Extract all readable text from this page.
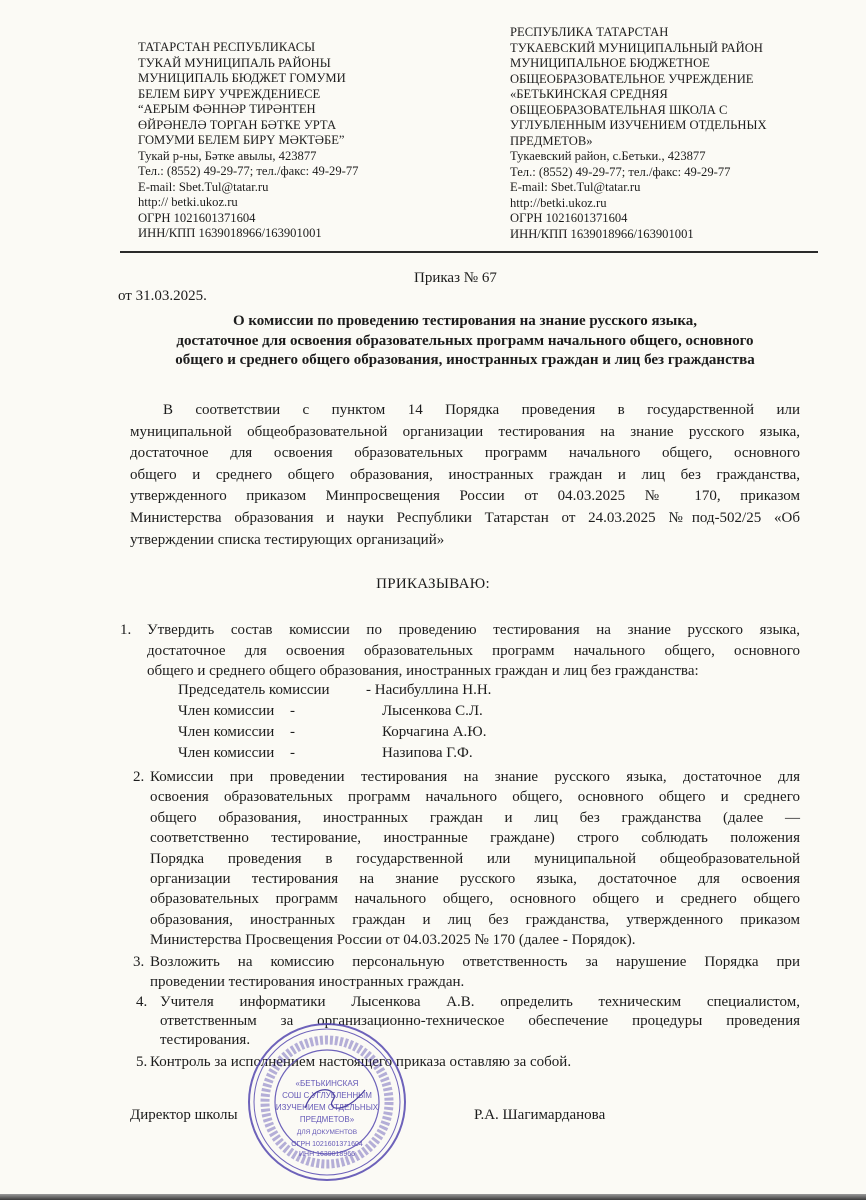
ТАТАРСТАН РЕСПУБЛИКАСЫ
ТУКАЙ МУНИЦИПАЛЬ РАЙОНЫ
МУНИЦИПАЛЬ БЮДЖЕТ ГОМУМИ
БЕЛЕМ БИРҮ УЧРЕЖДЕНИЕСЕ
“АЕРЫМ ФӘННӘР ТИРӘНТЕН
ӨЙРӘНЕЛӘ ТОРГАН БӘТКЕ УРТА
ГОМУМИ БЕЛЕМ БИРҮ МӘКТӘБЕ”
Тукай р-ны, Бәтке авылы, 423877
Тел.: (8552) 49-29-77; тел./факс: 49-29-77
E-mail: Sbet.Tul@tatar.ru
http:// betki.ukoz.ru
ОГРН 1021601371604
ИНН/КПП 1639018966/163901001
РЕСПУБЛИКА ТАТАРСТАН
ТУКАЕВСКИЙ МУНИЦИПАЛЬНЫЙ РАЙОН
МУНИЦИПАЛЬНОЕ БЮДЖЕТНОЕ
ОБЩЕОБРАЗОВАТЕЛЬНОЕ УЧРЕЖДЕНИЕ
«БЕТЬКИНСКАЯ СРЕДНЯЯ
ОБЩЕОБРАЗОВАТЕЛЬНАЯ ШКОЛА С
УГЛУБЛЕННЫМ ИЗУЧЕНИЕМ ОТДЕЛЬНЫХ
ПРЕДМЕТОВ»
Тукаевский район, с.Бетьки., 423877
Тел.: (8552) 49-29-77; тел./факс: 49-29-77
E-mail: Sbet.Tul@tatar.ru
http://betki.ukoz.ru
ОГРН 1021601371604
ИНН/КПП 1639018966/163901001
Приказ № 67
от 31.03.2025.
О комиссии по проведению тестирования на знание русского языка,
достаточное для освоения образовательных программ начального общего, основного
общего и среднего общего образования, иностранных граждан и лиц без гражданства
В соответствии с пунктом 14 Порядка проведения в государственной или
муниципальной общеобразовательной организации тестирования на знание русского языка,
достаточное для освоения образовательных программ начального общего, основного
общего и среднего общего образования, иностранных граждан и лиц без гражданства,
утвержденного приказом Минпросвещения России от 04.03.2025 № 170, приказом
Министерства образования и науки Республики Татарстан от 24.03.2025 №под-502/25 «Об
утверждении списка тестирующих организаций»
ПРИКАЗЫВАЮ:
1. Утвердить состав комиссии по проведению тестирования на знание русского языка,
достаточное для освоения образовательных программ начального общего, основного
общего и среднего общего образования, иностранных граждан и лиц без гражданства:
2. Комиссии при проведении тестирования на знание русского языка, достаточное для
освоения образовательных программ начального общего, основного общего и среднего
общего образования, иностранных граждан и лиц без гражданства (далее —
соответственно тестирование, иностранные граждане) строго соблюдать положения
Порядка проведения в государственной или муниципальной общеобразовательной
организации тестирования на знание русского языка, достаточное для освоения
образовательных программ начального общего, основного общего и среднего общего
образования, иностранных граждан и лиц без гражданства, утвержденного приказом
Министерства Просвещения России от 04.03.2025 № 170 (далее - Порядок).
3. Возложить на комиссию персональную ответственность за нарушение Порядка при
проведении тестирования иностранных граждан.
4. Учителя информатики Лысенкова А.В. определить техническим специалистом,
ответственным за организационно-техническое обеспечение процедуры проведения
тестирования.
5. Контроль за исполнением настоящего приказа оставляю за собой.
Председатель комиссии - Насибуллина Н.Н.
Член комиссии -	Лысенкова С.Л.
Член комиссии -	Корчагина А.Ю.
Член комиссии -	Назипова Г.Ф.
«БЕТЬКИНСКАЯ
СОШ С УГЛУБЛЕННЫМ
ИЗУЧЕНИЕМ ОТДЕЛЬНЫХ
ПРЕДМЕТОВ»
ДЛЯ ДОКУМЕНТОВ
ОГРН 1021601371604
ИНН 1639018966
Директор школы	Р.А. Шагимарданова
